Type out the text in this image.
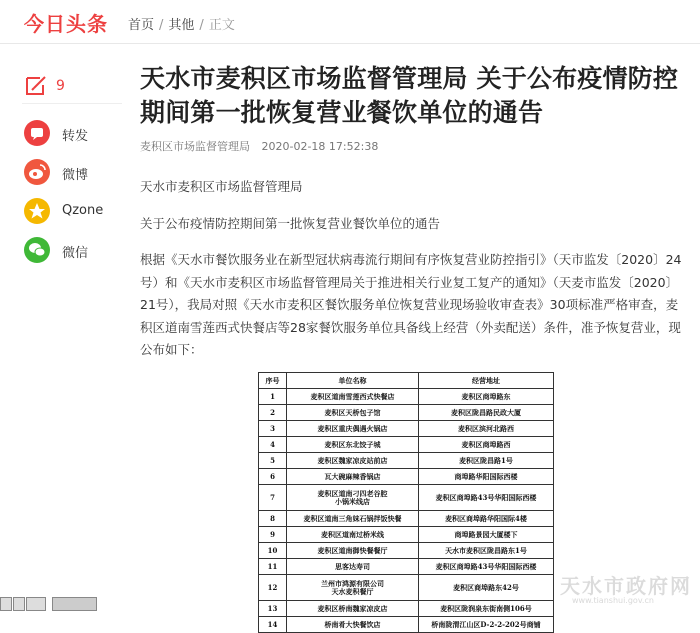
今日头条 首页 / 其他 / 正文
9
转发
微博
Qzone
微信
天水市麦积区市场监督管理局 关于公布疫情防控期间第一批恢复营业餐饮单位的通告
麦积区市场监督管理局 2020-02-18 17:52:38

天水市麦积区市场监督管理局

关于公布疫情防控期间第一批恢复营业餐饮单位的通告

根据《天水市餐饮服务业在新型冠状病毒流行期间有序恢复营业防控指引》（天市监发〔2020〕24号）和《天水市麦积区市场监督管理局关于推进相关行业复工复产的通知》（天麦市监发〔2020〕21号），我局对照《天水市麦积区餐饮服务单位恢复营业现场验收审查表》30项标准严格审查，麦积区道南雪莲西式快餐店等28家餐饮服务单位具备线上经营（外卖配送）条件，准予恢复营业，现公布如下：

序号	单位名称	经营地址
1	麦积区道南雪莲西式快餐店	麦积区商埠路东
2	麦积区天桥包子馆	麦积区陇昌路民政大厦
3	麦积区重庆偶遇火锅店	麦积区滨河北路西
4	麦积区东北饺子城	麦积区商埠路西
5	麦积区魏家凉皮站前店	麦积区陇昌路1号
6	瓦大碗麻辣香锅店	商埠路华阳国际西楼
7	麦积区道南刁四老谷腔
小锅米线店	麦积区商埠路43号华阳国际西楼
8	麦积区道南三角妹石锅拌饭快餐	麦积区商埠路华阳国际4楼
9	麦积区道南过桥米线	商埠路景园大厦楼下
10	麦积区道南御快餐餐厅	天水市麦积区陇昌路东1号
11	思客达寿司	麦积区商埠路43号华阳国际西楼
12	兰州市鸿源有限公司
天水麦积餐厅	麦积区商埠路东42号
13	麦积区桥南魏家凉皮店	麦积区陇润泉东街南侧106号
14	桥南肴大快餐饮店	桥南陇渭江山区D-2-2-202号商铺
天水市政府网
www.tianshui.gov.cn
